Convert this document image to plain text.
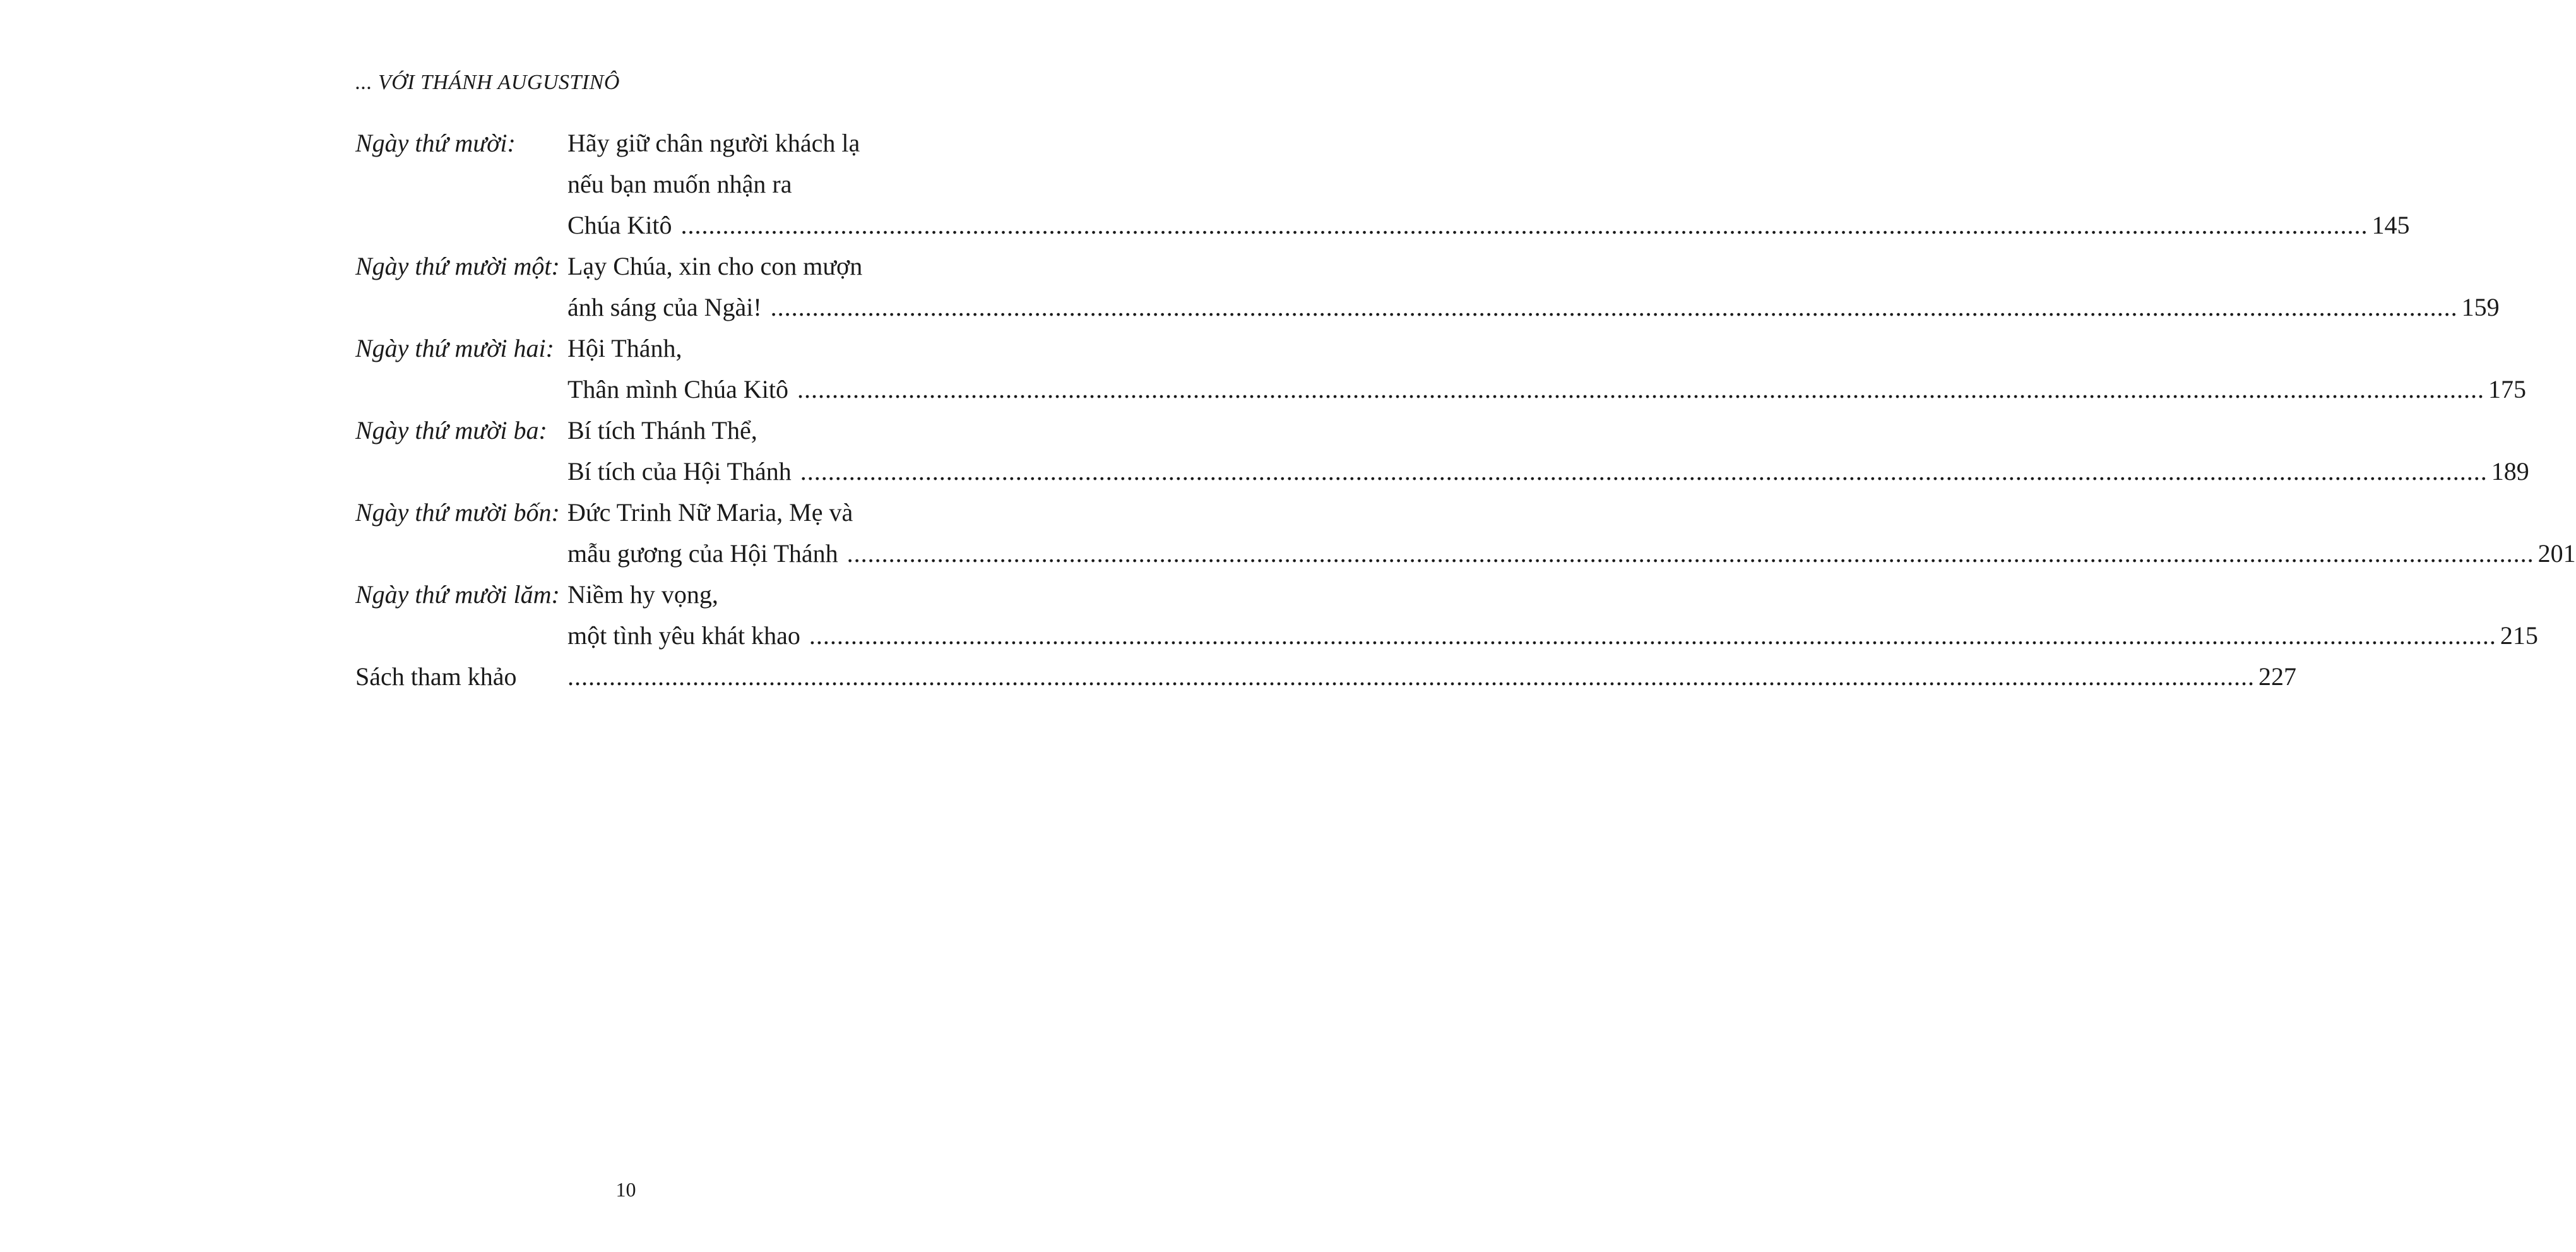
... VỚI THÁNH AUGUSTINÔ
Ngày thứ mười:	Hãy giữ chân người khách lạ
nếu bạn muốn nhận ra
Chúa Kitô .....	145
Ngày thứ mười một: Lạy Chúa, xin cho con mượn
ánh sáng của Ngài! .....	159
Ngày thứ mười hai: Hội Thánh,
Thân mình Chúa Kitô .....	175
Ngày thứ mười ba: Bí tích Thánh Thể,
Bí tích của Hội Thánh .....	189
Ngày thứ mười bốn: Đức Trinh Nữ Maria, Mẹ và
mẫu gương của Hội Thánh .....	201
Ngày thứ mười lăm: Niềm hy vọng,
một tình yêu khát khao .....	215
Sách tham khảo .....	227
10
